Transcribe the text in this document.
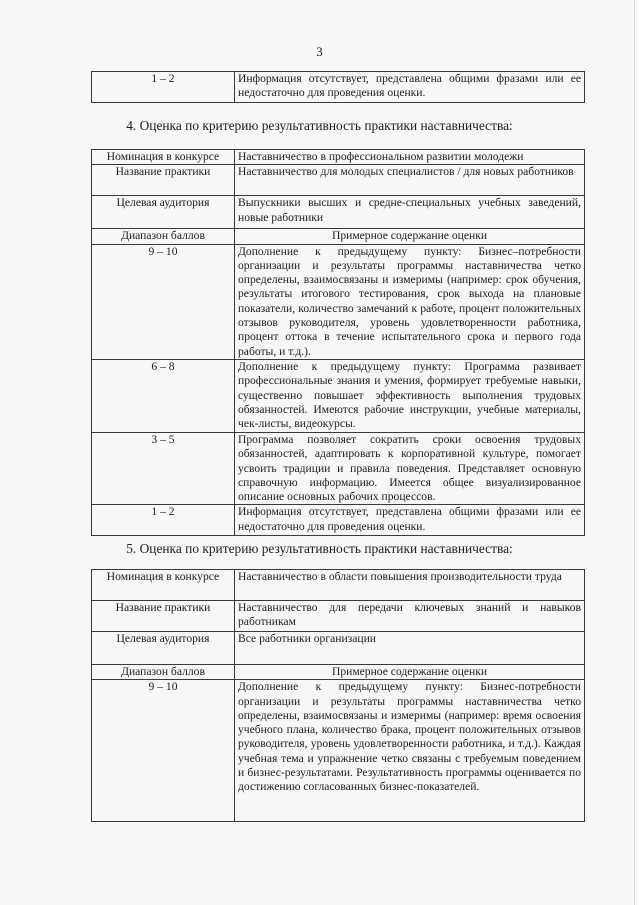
3
1 – 2	Информация отсутствует, представлена общими фразами или ее недостаточно для проведения оценки.
4. Оценка по критерию результативность практики наставничества:
Номинация в конкурсе	Наставничество в профессиональном развитии молодежи
Название практики	Наставничество для молодых специалистов / для новых работников
Целевая аудитория	Выпускники высших и средне-специальных учебных заведений, новые работники
Диапазон баллов	Примерное содержание оценки
9 – 10	Дополнение к предыдущему пункту: Бизнес–потребности организации и результаты программы наставничества четко определены, взаимосвязаны и измеримы (например: срок обучения, результаты итогового тестирования, срок выхода на плановые показатели, количество замечаний к работе, процент положительных отзывов руководителя, уровень удовлетворенности работника, процент оттока в течение испытательного срока и первого года работы, и т.д.).
6 – 8	Дополнение к предыдущему пункту: Программа развивает профессиональные знания и умения, формирует требуемые навыки, существенно повышает эффективность выполнения трудовых обязанностей. Имеются рабочие инструкции, учебные материалы, чек-листы, видеокурсы.
3 – 5	Программа позволяет сократить сроки освоения трудовых обязанностей, адаптировать к корпоративной культуре, помогает усвоить традиции и правила поведения. Представляет основную справочную информацию. Имеется общее визуализированное описание основных рабочих процессов.
1 – 2	Информация отсутствует, представлена общими фразами или ее недостаточно для проведения оценки.
5. Оценка по критерию результативность практики наставничества:
Номинация в конкурсе	Наставничество в области повышения производительности труда
Название практики	Наставничество для передачи ключевых знаний и навыков работникам
Целевая аудитория	Все работники организации
Диапазон баллов	Примерное содержание оценки
9 – 10	Дополнение к предыдущему пункту: Бизнес-потребности организации и результаты программы наставничества четко определены, взаимосвязаны и измеримы (например: время освоения учебного плана, количество брака, процент положительных отзывов руководителя, уровень удовлетворенности работника, и т.д.). Каждая учебная тема и упражнение четко связаны с требуемым поведением и бизнес-результатами. Результативность программы оценивается по достижению согласованных бизнес-показателей.
